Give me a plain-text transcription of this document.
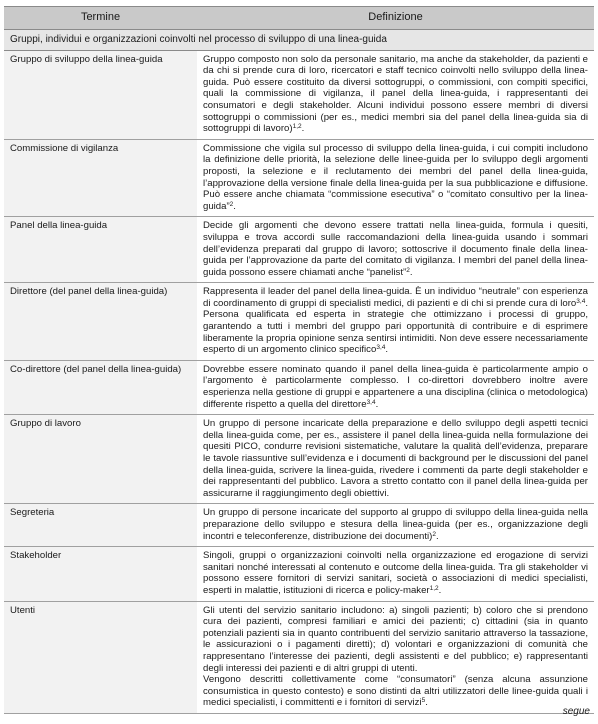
Termine	Definizione
Gruppi, individui e organizzazioni coinvolti nel processo di sviluppo di una linea-guida	
Gruppo di sviluppo della linea-guida	Gruppo composto non solo da personale sanitario, ma anche da stakeholder, da pazienti e da chi si prende cura di loro, ricercatori e staff tecnico coinvolti nello sviluppo della linea-guida. Può essere costituito da diversi sottogruppi, o commissioni, con compiti specifici, quali la commissione di vigilanza, il panel della linea-guida, i rappresentanti dei consumatori e degli stakeholder. Alcuni individui possono essere membri di diversi sottogruppi o commissioni (per es., medici membri sia del panel della linea-guida sia di sottogruppi di lavoro)$^{1,2}$.
Commissione di vigilanza	Commissione che vigila sul processo di sviluppo della linea-guida, i cui compiti includono la definizione delle priorità, la selezione delle linee-guida per lo sviluppo degli argomenti proposti, la selezione e il reclutamento dei membri del panel della linea-guida, l’approvazione della versione finale della linea-guida per la sua pubblicazione e diffusione. Può essere anche chiamata “commissione esecutiva” o “comitato consultivo per la linea-guida”$^2$.
Panel della linea-guida	Decide gli argomenti che devono essere trattati nella linea-guida, formula i quesiti, sviluppa e trova accordi sulle raccomandazioni della linea-guida usando i sommari dell’evidenza preparati dal gruppo di lavoro; sottoscrive il documento finale della linea-guida per l’approvazione da parte del comitato di vigilanza. I membri del panel della linea-guida possono essere chiamati anche “panelist”$^2$.
Direttore (del panel della linea-guida)	Rappresenta il leader del panel della linea-guida. È un individuo “neutrale” con esperienza di coordinamento di gruppi di specialisti medici, di pazienti e di chi si prende cura di loro$^{3,4}$. Persona qualificata ed esperta in strategie che ottimizzano i processi di gruppo, garantendo a tutti i membri del gruppo pari opportunità di contribuire e di esprimere liberamente la propria opinione senza sentirsi intimiditi. Non deve essere necessariamente esperto di un argomento clinico specifico$^{3,4}$.
Co-direttore (del panel della linea-guida)	Dovrebbe essere nominato quando il panel della linea-guida è particolarmente ampio o l’argomento è particolarmente complesso. I co-direttori dovrebbero inoltre avere esperienza nella gestione di gruppi e appartenere a una disciplina (clinica o metodologica) differente rispetto a quella del direttore$^{3,4}$.
Gruppo di lavoro	Un gruppo di persone incaricate della preparazione e dello sviluppo degli aspetti tecnici della linea-guida come, per es., assistere il panel della linea-guida nella formulazione dei quesiti PICO, condurre revisioni sistematiche, valutare la qualità dell’evidenza, preparare le tavole riassuntive sull’evidenza e i documenti di background per le discussioni del panel della linea-guida, scrivere la linea-guida, rivedere i commenti da parte degli stakeholder e dei rappresentanti del pubblico. Lavora a stretto contatto con il panel della linea-guida per assicurarne il raggiungimento degli obiettivi.
Segreteria	Un gruppo di persone incaricate del supporto al gruppo di sviluppo della linea-guida nella preparazione dello sviluppo e stesura della linea-guida (per es., organizzazione degli incontri e teleconferenze, distribuzione dei documenti)$^2$.
Stakeholder	Singoli, gruppi o organizzazioni coinvolti nella organizzazione ed erogazione di servizi sanitari nonché interessati al contenuto e outcome della linea-guida. Tra gli stakeholder vi possono essere fornitori di servizi sanitari, società o associazioni di medici specialisti, esperti in malattie, istituzioni di ricerca e policy-maker$^{1,2}$.
Utenti	Gli utenti del servizio sanitario includono: a) singoli pazienti; b) coloro che si prendono cura dei pazienti, compresi familiari e amici dei pazienti; c) cittadini (sia in quanto potenziali pazienti sia in quanto contribuenti del servizio sanitario attraverso la tassazione, le assicurazioni o i pagamenti diretti); d) volontari e organizzazioni di comunità che rappresentano l’interesse dei pazienti, degli assistenti e del pubblico; e) rappresentanti degli interessi dei pazienti e di altri gruppi di utenti.
Vengono descritti collettivamente come “consumatori” (senza alcuna assunzione consumistica in questo contesto) e sono distinti da altri utilizzatori delle linee-guida quali i medici specialisti, i committenti e i fornitori di servizi$^5$.
segue
